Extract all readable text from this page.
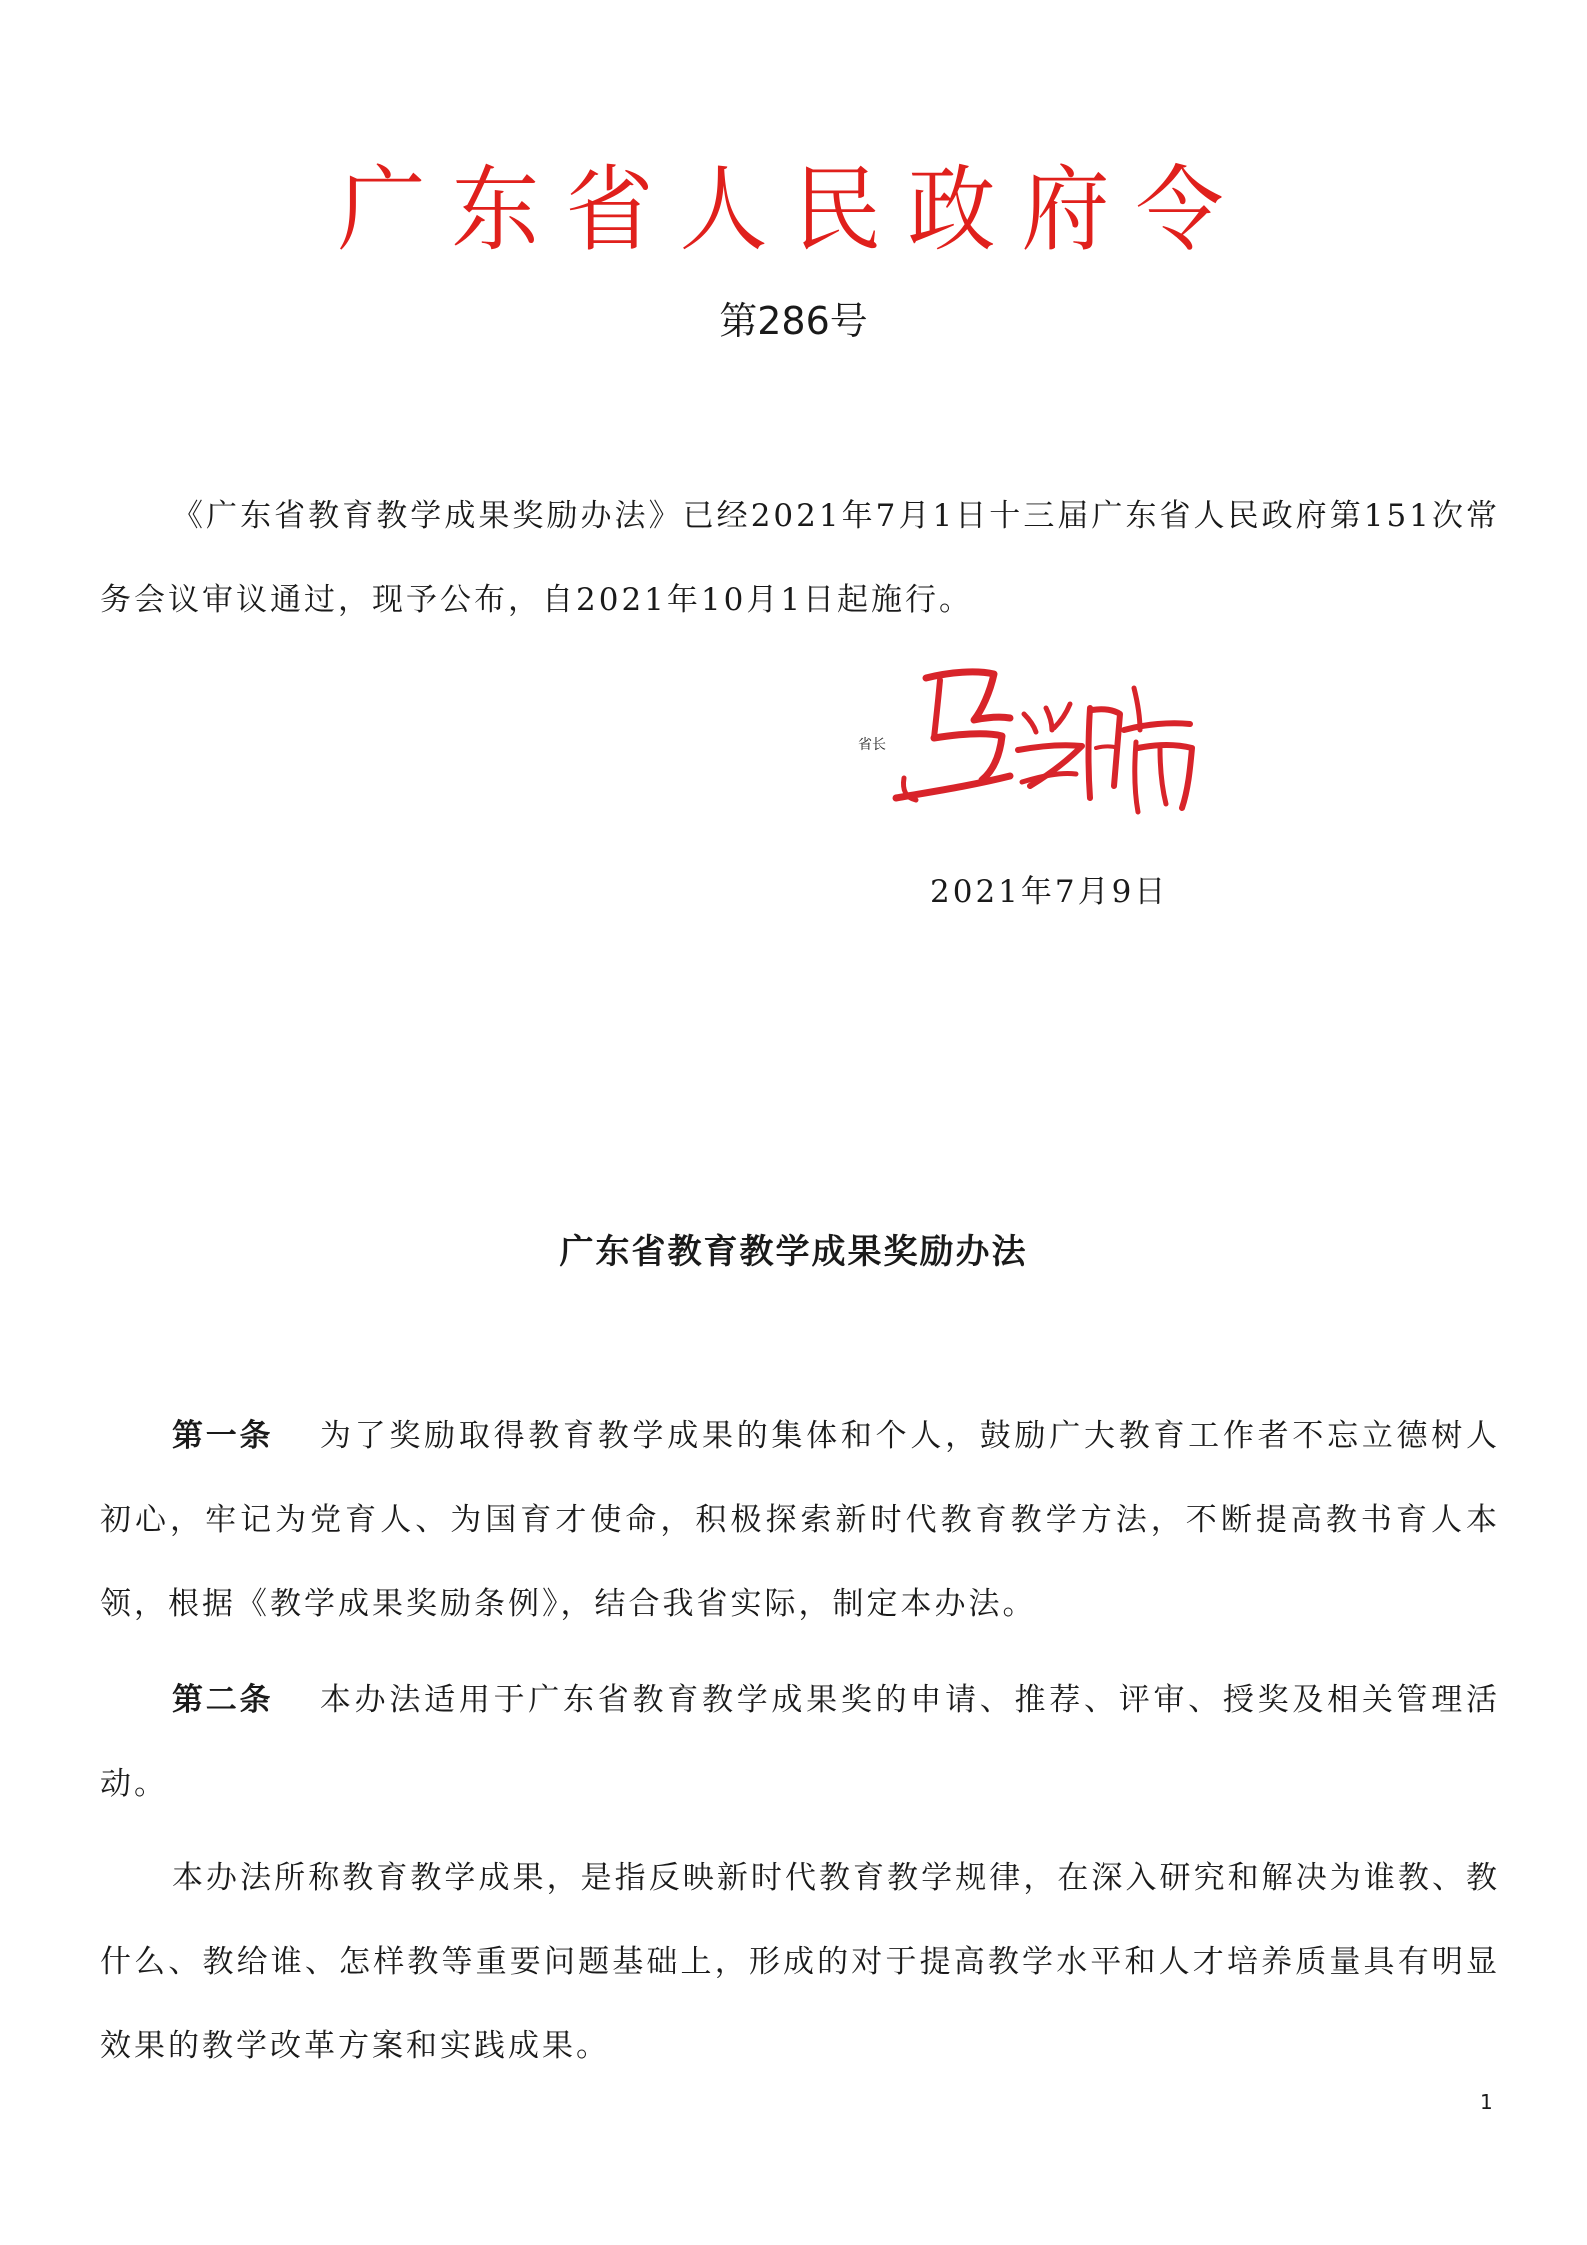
广东省人民政府令
第286号

《广东省教育教学成果奖励办法》已经2021年7月1日十三届广东省人民政府第151次常务会议审议通过，现予公布，自2021年10月1日起施行。

省长
2021年7月9日
广东省教育教学成果奖励办法

第一条 为了奖励取得教育教学成果的集体和个人，鼓励广大教育工作者不忘立德树人初心，牢记为党育人、为国育才使命，积极探索新时代教育教学方法，不断提高教书育人本领，根据《教学成果奖励条例》，结合我省实际，制定本办法。

第二条 本办法适用于广东省教育教学成果奖的申请、推荐、评审、授奖及相关管理活动。

本办法所称教育教学成果，是指反映新时代教育教学规律，在深入研究和解决为谁教、教什么、教给谁、怎样教等重要问题基础上，形成的对于提高教学水平和人才培养质量具有明显效果的教学改革方案和实践成果。

1
